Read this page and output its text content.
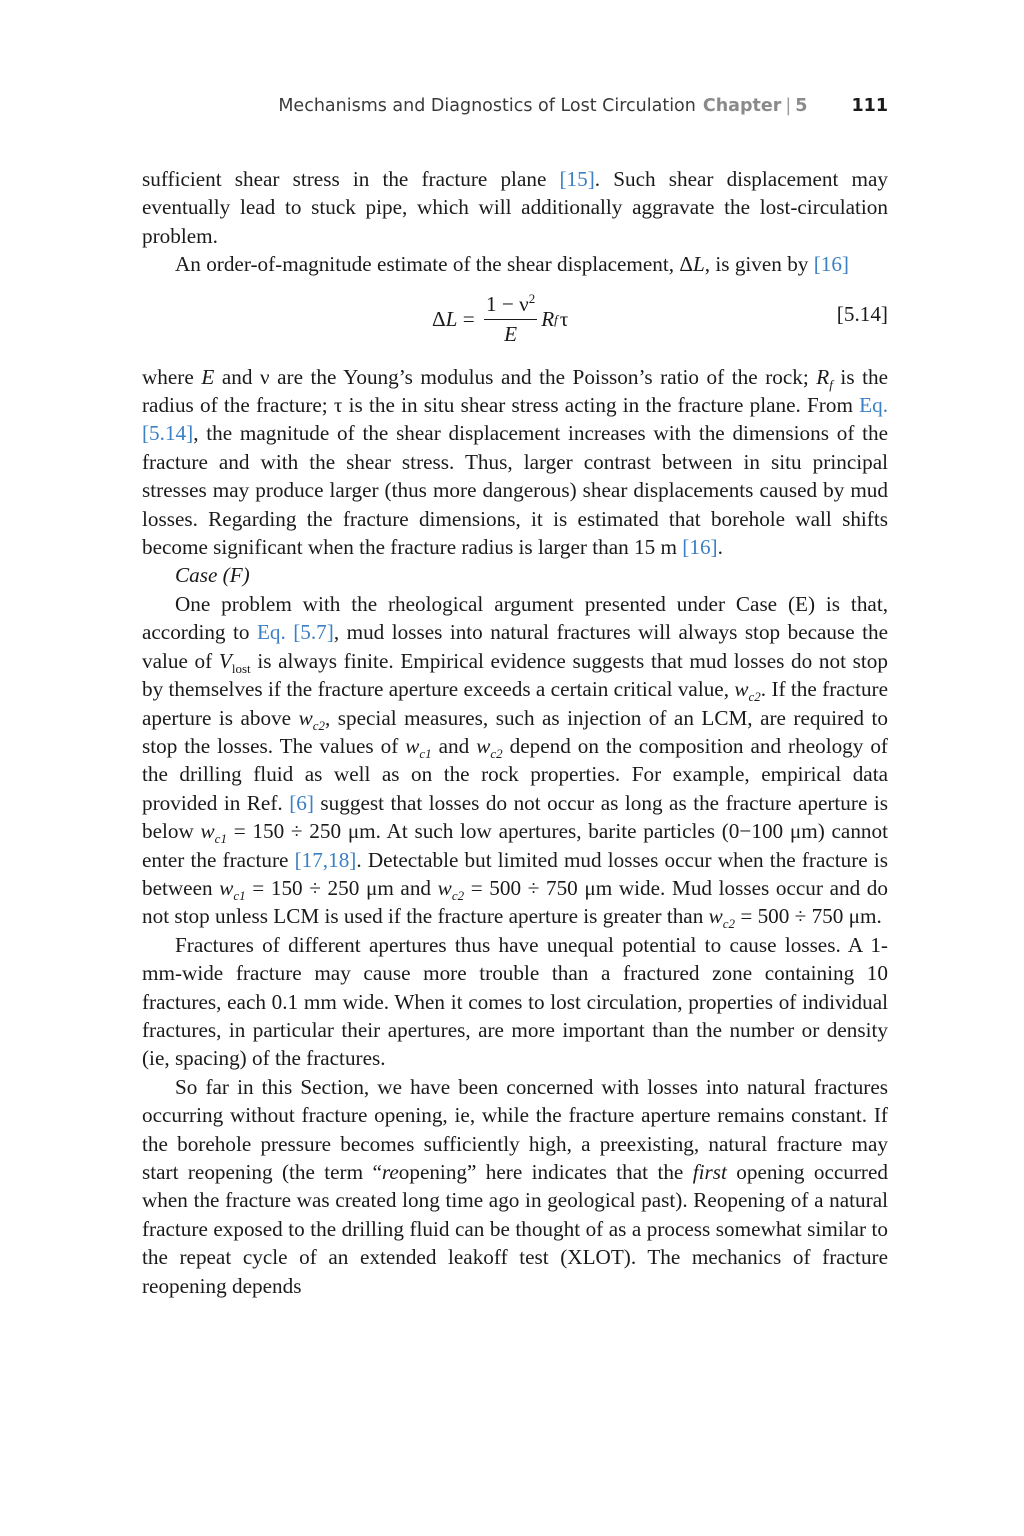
Mechanisms and Diagnostics of Lost Circulation Chapter | 5	111

sufficient shear stress in the fracture plane [15]. Such shear displacement may eventually lead to stuck pipe, which will additionally aggravate the lost-circulation problem.

An order-of-magnitude estimate of the shear displacement, ΔL, is given by [16]

Δ $L = \frac{1 - \nu^2}{E}$ R f τ	[5.14]

where E and ν are the Young’s modulus and the Poisson’s ratio of the rock; $R_f$ is the radius of the fracture; τ is the in situ shear stress acting in the fracture plane. From Eq. [5.14], the magnitude of the shear displacement increases with the dimensions of the fracture and with the shear stress. Thus, larger contrast between in situ principal stresses may produce larger (thus more dangerous) shear displacements caused by mud losses. Regarding the fracture dimensions, it is estimated that borehole wall shifts become significant when the fracture radius is larger than 15 m [16].

Case (F)

One problem with the rheological argument presented under Case (E) is that, according to Eq. [5.7], mud losses into natural fractures will always stop because the value of $V_{lost}$ is always finite. Empirical evidence suggests that mud losses do not stop by themselves if the fracture aperture exceeds a certain critical value, $w_{c2}$. If the fracture aperture is above $w_{c2}$, special measures, such as injection of an LCM, are required to stop the losses. The values of $w_{c1}$ and $w_{c2}$ depend on the composition and rheology of the drilling fluid as well as on the rock properties. For example, empirical data provided in Ref. [6] suggest that losses do not occur as long as the fracture aperture is below $w_{c1} = 150 \div 250$ μm. At such low apertures, barite particles (0−100 μm) cannot enter the fracture [17,18]. Detectable but limited mud losses occur when the fracture is between $w_{c1} = 150 \div 250$ μm and $w_{c2} = 500 \div 750$ μm wide. Mud losses occur and do not stop unless LCM is used if the fracture aperture is greater than $w_{c2} = 500 \div 750$ μm.

Fractures of different apertures thus have unequal potential to cause losses. A 1-mm-wide fracture may cause more trouble than a fractured zone containing 10 fractures, each 0.1 mm wide. When it comes to lost circulation, properties of individual fractures, in particular their apertures, are more important than the number or density (ie, spacing) of the fractures.

So far in this Section, we have been concerned with losses into natural fractures occurring without fracture opening, ie, while the fracture aperture remains constant. If the borehole pressure becomes sufficiently high, a preexisting, natural fracture may start reopening (the term “reopening” here indicates that the first opening occurred when the fracture was created long time ago in geological past). Reopening of a natural fracture exposed to the drilling fluid can be thought of as a process somewhat similar to the repeat cycle of an extended leakoff test (XLOT). The mechanics of fracture reopening depends
